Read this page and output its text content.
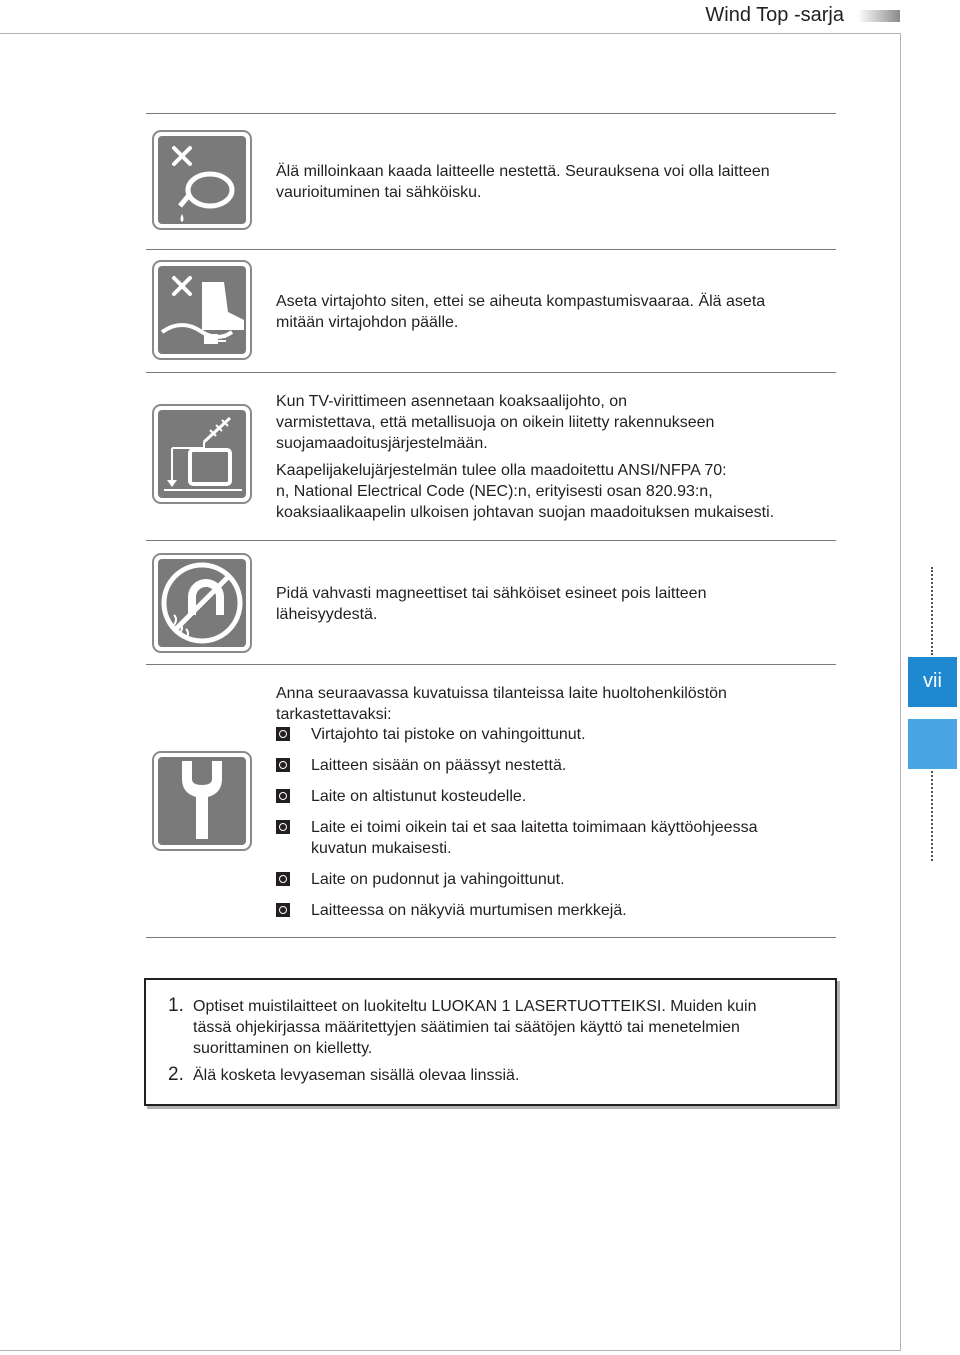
Wind Top -sarja

Älä milloinkaan kaada laitteelle nestettä. Seurauksena voi olla laitteen

vaurioituminen tai sähköisku.

Aseta virtajohto siten, ettei se aiheuta kompastumisvaaraa. Älä aseta

mitään virtajohdon päälle.

Kun TV-virittimeen asennetaan koaksaalijohto, on

varmistettava, että metallisuoja on oikein liitetty rakennukseen

suojamaadoitusjärjestelmään.

Kaapelijakelujärjestelmän tulee olla maadoitettu ANSI/NFPA 70:

n, National Electrical Code (NEC):n, erityisesti osan 820.93:n,

koaksiaalikaapelin ulkoisen johtavan suojan maadoituksen mukaisesti.

Pidä vahvasti magneettiset tai sähköiset esineet pois laitteen

läheisyydestä.

Anna seuraavassa kuvatuissa tilanteissa laite huoltohenkilöstön

tarkastettavaksi:

Virtajohto tai pistoke on vahingoittunut.
Laitteen sisään on päässyt nestettä.
Laite on altistunut kosteudelle.
Laite ei toimi oikein tai et saa laitetta toimimaan käyttöohjeessa
kuvatun mukaisesti.
Laite on pudonnut ja vahingoittunut.
Laitteessa on näkyviä murtumisen merkkejä.
1. Optiset muistilaitteet on luokiteltu LUOKAN 1 LASERTUOTTEIKSI. Muiden kuin
tässä ohjekirjassa määritettyjen säätimien tai säätöjen käyttö tai menetelmien
suorittaminen on kielletty.
2. Älä kosketa levyaseman sisällä olevaa linssiä.
vii
